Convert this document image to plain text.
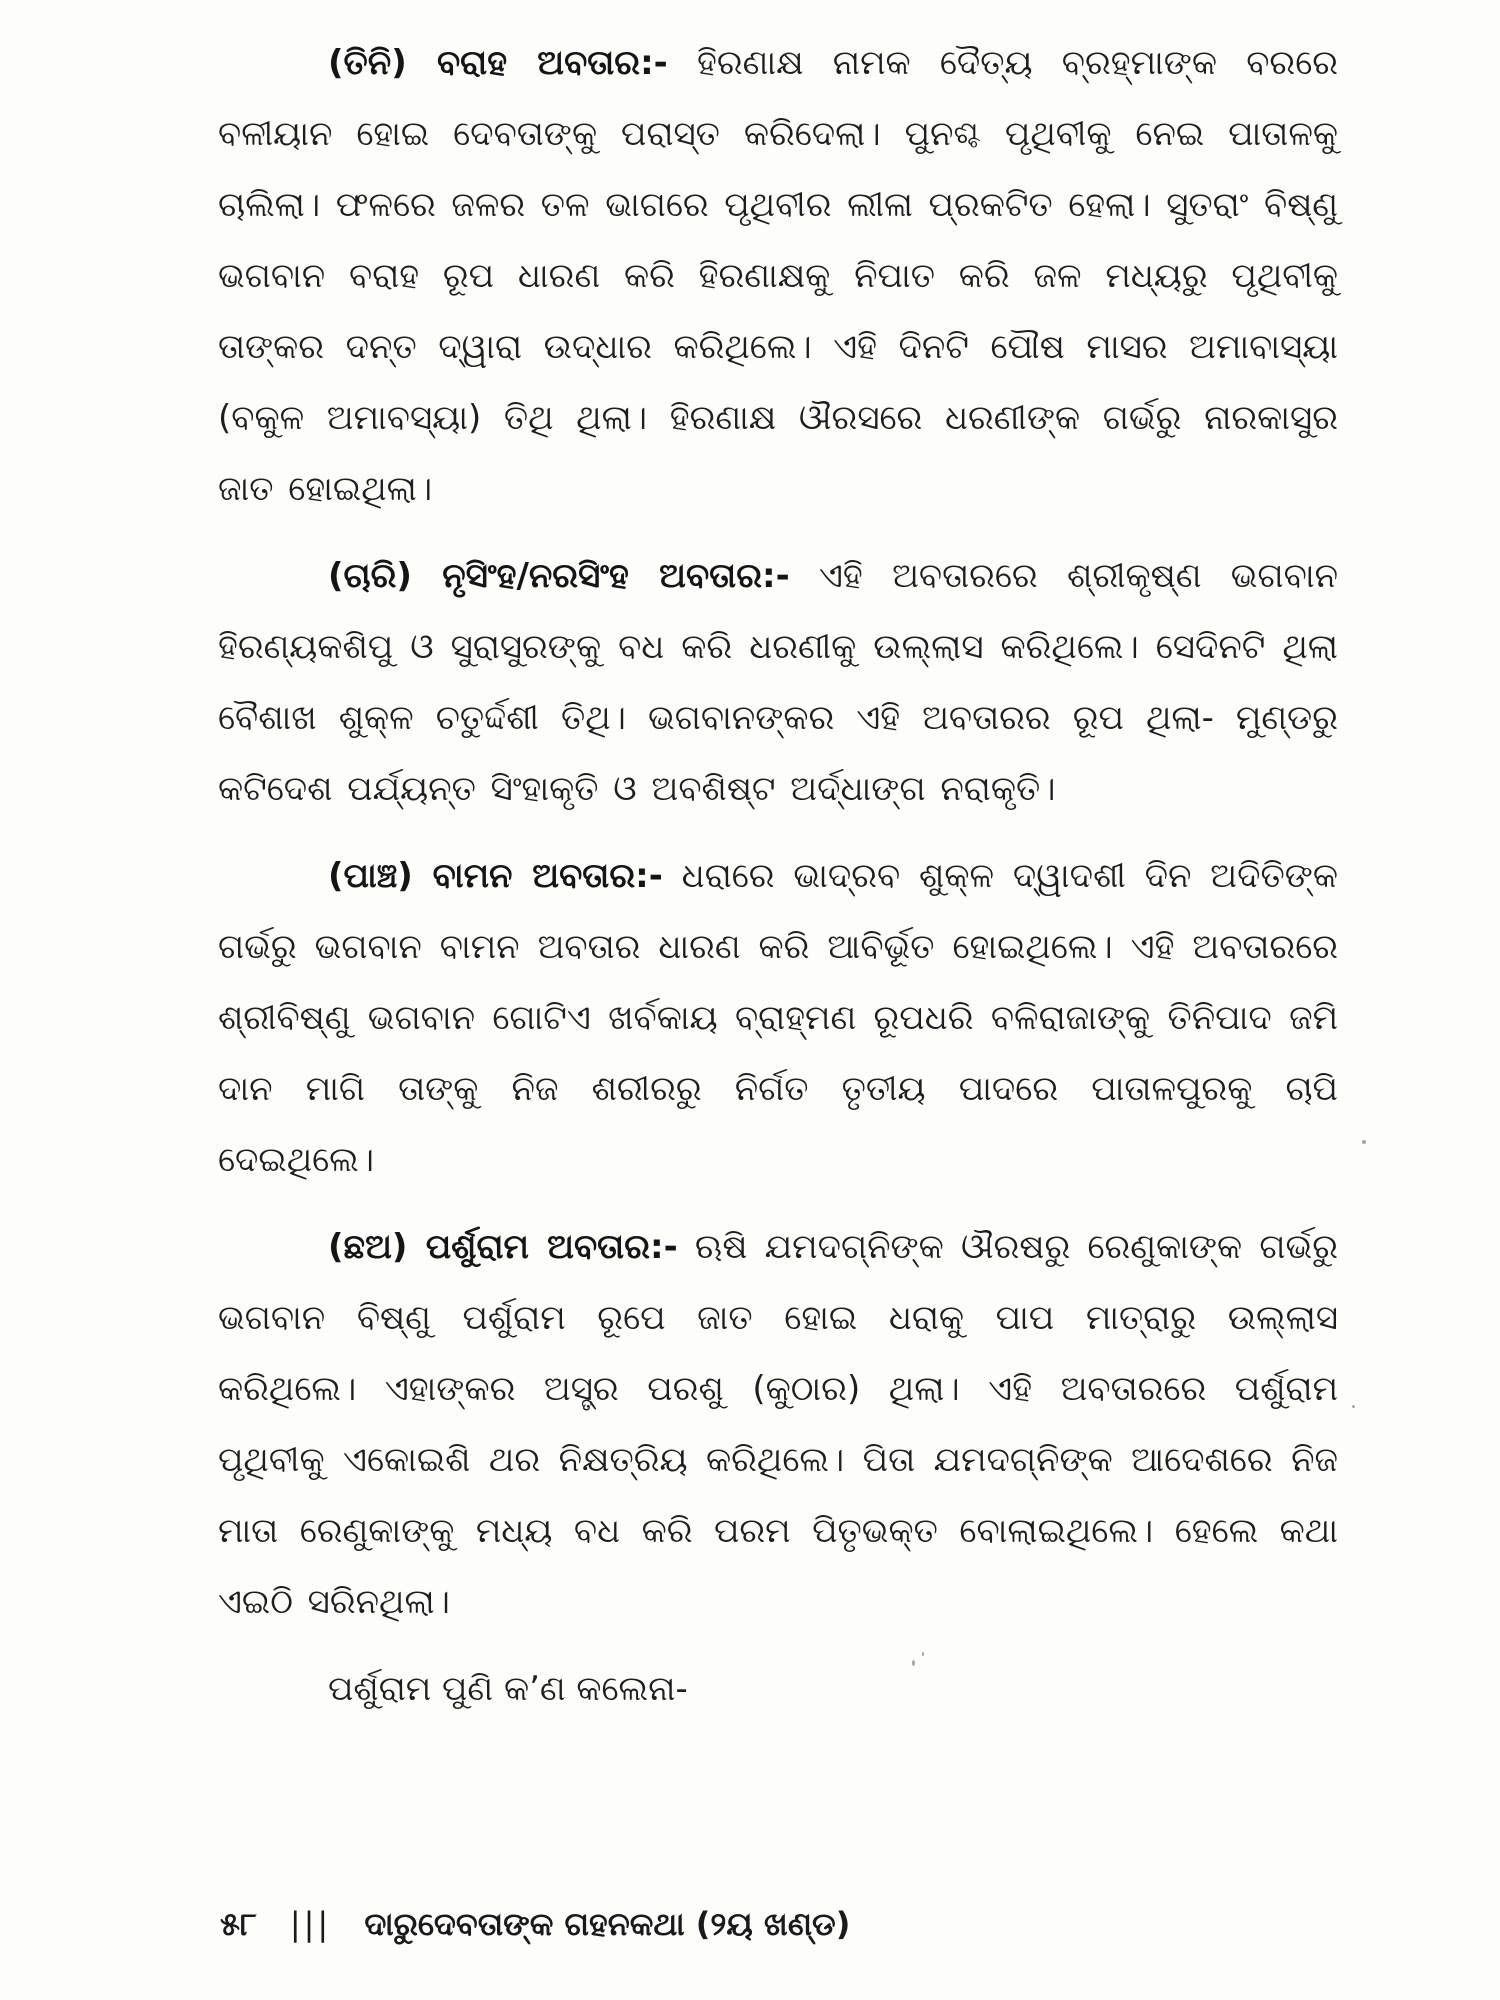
(ତିନି) ବରାହ ଅବତାର:- ହିରଣାକ୍ଷ ନାମକ ଦୈତ୍ୟ ବ୍ରହ୍ମାଙ୍କ ବରରେ ବଳୀୟାନ ହୋଇ ଦେବତାଙ୍କୁ ପରାସ୍ତ କରିଦେଲା। ପୁନଶ୍ଚ ପୃଥିବୀକୁ ନେଇ ପାତାଳକୁ ଚାଲିଲା। ଫଳରେ ଜଳର ତଳ ଭାଗରେ ପୃଥିବୀର ଲୀଳା ପ୍ରକଟିତ ହେଲା। ସୁତରାଂ ବିଷ୍ଣୁ ଭଗବାନ ବରାହ ରୂପ ଧାରଣ କରି ହିରଣାକ୍ଷକୁ ନିପାତ କରି ଜଳ ମଧ୍ୟରୁ ପୃଥିବୀକୁ ତାଙ୍କର ଦନ୍ତ ଦ୍ୱାରା ଉଦ୍ଧାର କରିଥିଲେ। ଏହି ଦିନଟି ପୌଷ ମାସର ଅମାବାସ୍ୟା (ବକୁଳ ଅମାବସ୍ୟା) ତିଥି ଥିଲା। ହିରଣାକ୍ଷ ଔରସରେ ଧରଣୀଙ୍କ ଗର୍ଭରୁ ନାରକାସୁର ଜାତ ହୋଇଥିଲା।

(ଚାରି) ନୃସିଂହ/ନରସିଂହ ଅବତାର:- ଏହି ଅବତାରରେ ଶ୍ରୀକୃଷ୍ଣ ଭଗବାନ ହିରଣ୍ୟକଶିପୁ ଓ ସୁରାସୁରଙ୍କୁ ବଧ କରି ଧରଣୀକୁ ଉଲ୍ଲାସ କରିଥିଲେ। ସେଦିନଟି ଥିଲା ବୈଶାଖ ଶୁକ୍ଳ ଚତୁର୍ଦ୍ଦଶୀ ତିଥି। ଭଗବାନଙ୍କର ଏହି ଅବତାରର ରୂପ ଥିଲା- ମୁଣ୍ଡରୁ କଟିଦେଶ ପର୍ଯ୍ୟନ୍ତ ସିଂହାକୃତି ଓ ଅବଶିଷ୍ଟ ଅର୍ଦ୍ଧାଙ୍ଗ ନରାକୃତି।

(ପାଞ୍ଚ) ବାମନ ଅବତାର:- ଧରାରେ ଭାଦ୍ରବ ଶୁକ୍ଳ ଦ୍ୱାଦଶୀ ଦିନ ଅଦିତିଙ୍କ ଗର୍ଭରୁ ଭଗବାନ ବାମନ ଅବତାର ଧାରଣ କରି ଆବିର୍ଭୂତ ହୋଇଥିଲେ। ଏହି ଅବତାରରେ ଶ୍ରୀବିଷ୍ଣୁ ଭଗବାନ ଗୋଟିଏ ଖର୍ବକାୟ ବ୍ରାହ୍ମଣ ରୂପଧରି ବଳିରାଜାଙ୍କୁ ତିନିପାଦ ଜମି ଦାନ ମାଗି ତାଙ୍କୁ ନିଜ ଶରୀରରୁ ନିର୍ଗତ ତୃତୀୟ ପାଦରେ ପାତାଳପୁରକୁ ଚାପି ଦେଇଥିଲେ।

(ଛଅ) ପର୍ଶୁରାମ ଅବତାର:- ଋଷି ଯମଦଗ୍ନିଙ୍କ ଔରଷରୁ ରେଣୁକାଙ୍କ ଗର୍ଭରୁ ଭଗବାନ ବିଷ୍ଣୁ ପର୍ଶୁରାମ ରୂପେ ଜାତ ହୋଇ ଧରାକୁ ପାପ ମାତ୍ରାରୁ ଉଲ୍ଲାସ କରିଥିଲେ। ଏହାଙ୍କର ଅସ୍ତ୍ର ପରଶୁ (କୁଠାର) ଥିଲା। ଏହି ଅବତାରରେ ପର୍ଶୁରାମ ପୃଥିବୀକୁ ଏକୋଇଶି ଥର ନିକ୍ଷତ୍ରିୟ କରିଥିଲେ। ପିତା ଯମଦଗ୍ନିଙ୍କ ଆଦେଶରେ ନିଜ ମାତା ରେଣୁକାଙ୍କୁ ମଧ୍ୟ ବଧ କରି ପରମ ପିତୃଭକ୍ତ ବୋଲାଇଥିଲେ। ହେଲେ କଥା ଏଇଠି ସରିନଥିଲା।

ପର୍ଶୁରାମ ପୁଣି କ’ଣ କଲେନା-

୫୮ ||| ଦାରୁଦେବତାଙ୍କ ଗହନକଥା (୨ୟ ଖଣ୍ଡ)
